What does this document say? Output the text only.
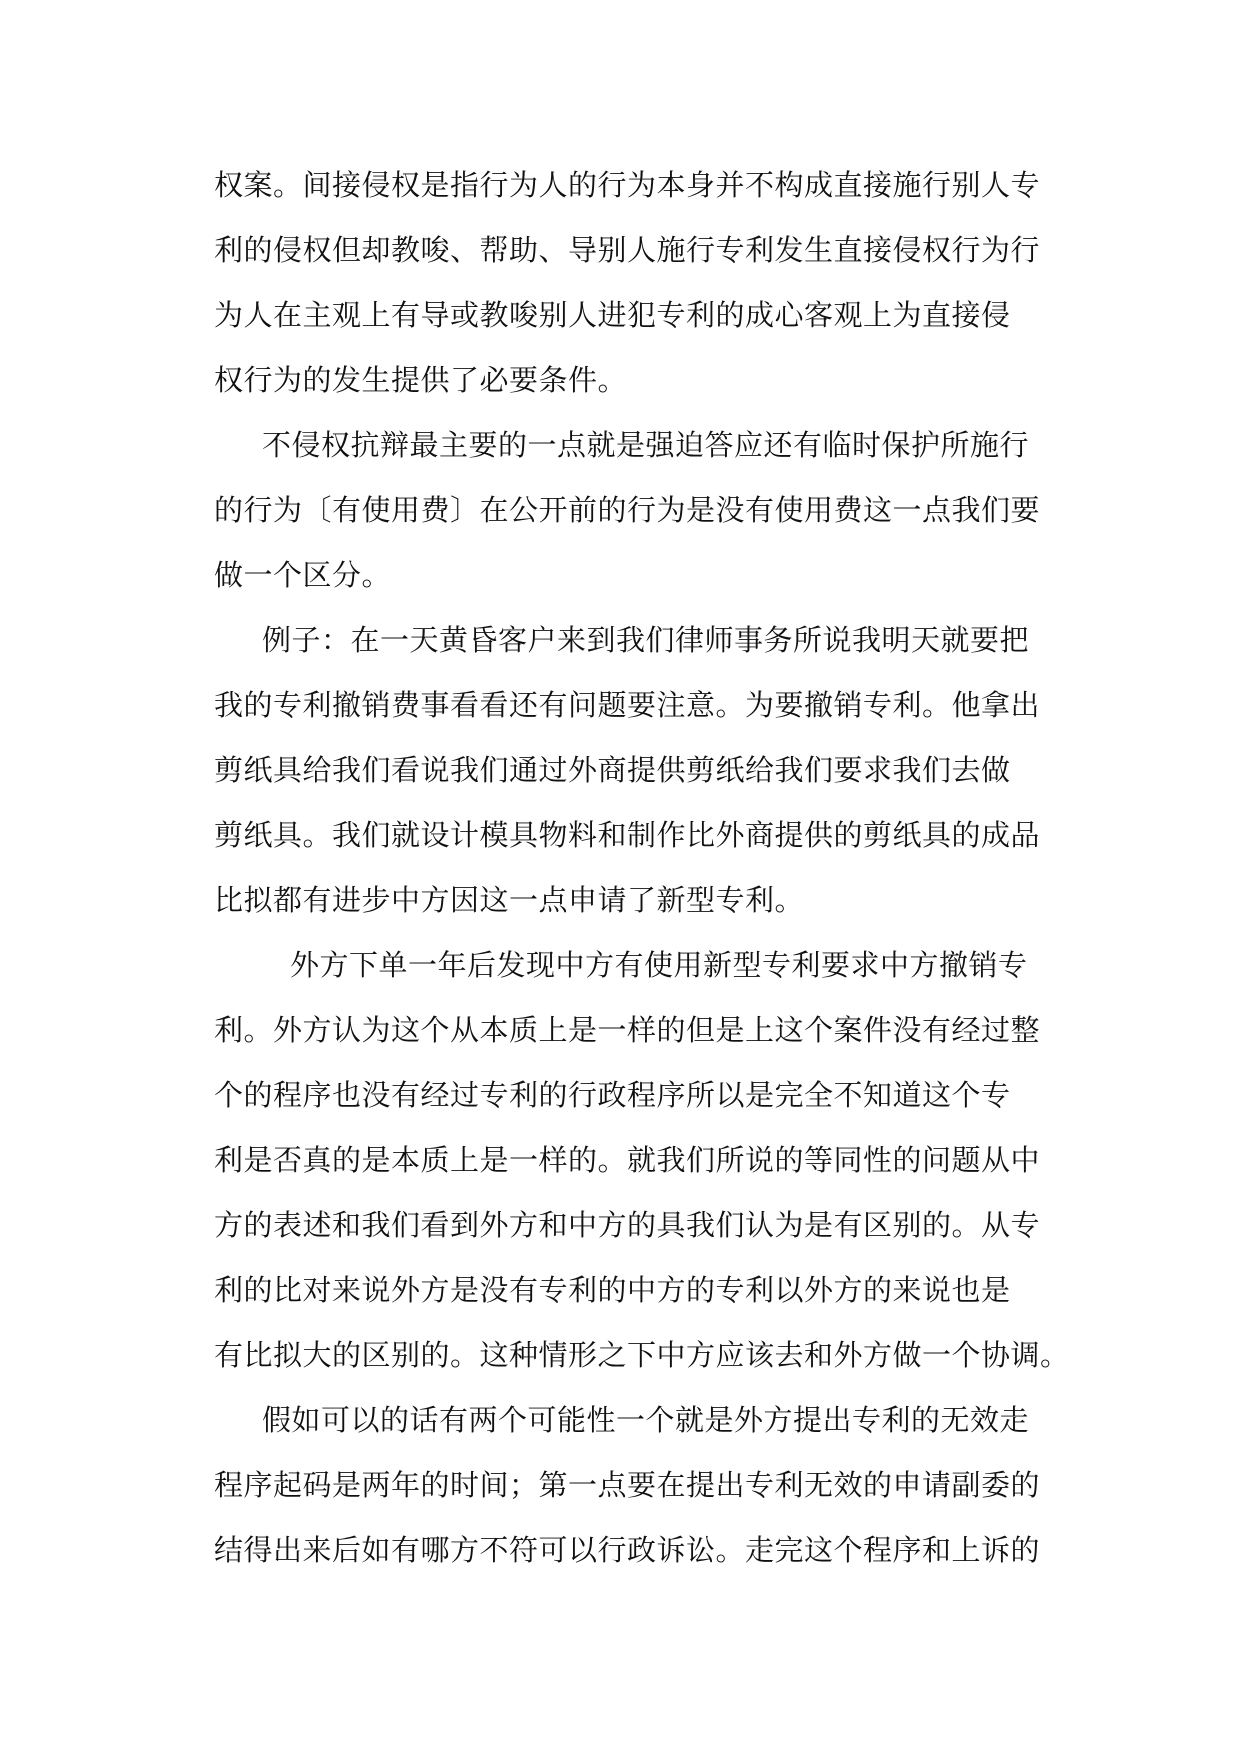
权案。间接侵权是指行为人的行为本身并不构成直接施行别人专
利的侵权但却教唆、帮助、导别人施行专利发生直接侵权行为行
为人在主观上有导或教唆别人进犯专利的成心客观上为直接侵
权行为的发生提供了必要条件。
不侵权抗辩最主要的一点就是强迫答应还有临时保护所施行
的行为〔有使用费〕在公开前的行为是没有使用费这一点我们要
做一个区分。
例子：在一天黄昏客户来到我们律师事务所说我明天就要把
我的专利撤销费事看看还有问题要注意。为要撤销专利。他拿出
剪纸具给我们看说我们通过外商提供剪纸给我们要求我们去做
剪纸具。我们就设计模具物料和制作比外商提供的剪纸具的成品
比拟都有进步中方因这一点申请了新型专利。
外方下单一年后发现中方有使用新型专利要求中方撤销专
利。外方认为这个从本质上是一样的但是上这个案件没有经过整
个的程序也没有经过专利的行政程序所以是完全不知道这个专
利是否真的是本质上是一样的。就我们所说的等同性的问题从中
方的表述和我们看到外方和中方的具我们认为是有区别的。从专
利的比对来说外方是没有专利的中方的专利以外方的来说也是
有比拟大的区别的。这种情形之下中方应该去和外方做一个协调。
假如可以的话有两个可能性一个就是外方提出专利的无效走
程序起码是两年的时间；第一点要在提出专利无效的申请副委的
结得出来后如有哪方不符可以行政诉讼。走完这个程序和上诉的
